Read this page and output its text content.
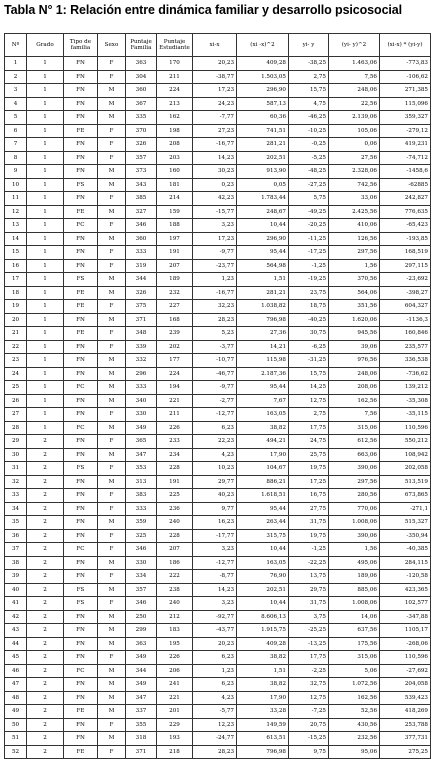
Tabla N° 1: Relación entre dinámica familiar y desarrollo psicosocial
Nº	Grado	Tipo de familia	Sexo	Puntaje Familia	Puntaje Estudiante	xi-x	(xi -x)^2	yi- y	(yi- y)^2	(xi-x) * (yi-y)
1	1	FN	F	363	170	20,23	409,28	-38,25	1.463,06	-773,83
2	1	FN	F	304	211	-38,77	1.503,05	2,75	7,56	-106,62
3	1	FN	M	360	224	17,23	296,90	15,75	248,06	271,385
4	1	FN	M	367	213	24,23	587,13	4,75	22,56	115,096
5	1	FN	M	335	162	-7,77	60,36	-46,25	2.139,06	359,327
6	1	FE	F	370	198	27,23	741,51	-10,25	105,06	-279,12
7	1	FN	F	326	208	-16,77	281,21	-0,25	0,06	419,231
8	1	FN	F	357	203	14,23	202,51	-5,25	27,56	-74,712
9	1	FN	M	373	160	30,23	913,90	-48,25	2.328,06	-1458,6
10	1	FS	M	343	181	0,23	0,05	-27,25	742,56	-62885
11	1	FN	F	385	214	42,23	1.783,44	5,75	33,06	242,827
12	1	FE	M	327	159	-15,77	248,67	-49,25	2.425,56	776,635
13	1	FC	F	346	188	3,23	10,44	-20,25	410,06	-65,423
14	1	FN	M	360	197	17,23	296,90	-11,25	126,56	-193,85
15	1	FN	F	333	191	-9,77	95,44	-17,25	297,56	168,519
16	1	FN	F	319	207	-23,77	564,98	-1,25	1,56	297,115
17	1	FS	M	344	189	1,23	1,51	-19,25	370,56	-23,692
18	1	FE	M	326	232	-16,77	281,21	23,75	564,06	-398,27
19	1	FE	F	375	227	32,23	1.038,82	18,75	351,56	604,327
20	1	FN	M	371	168	28,23	796,98	-40,25	1.620,06	-1136,3
21	1	FE	F	348	239	5,23	27,36	30,75	945,56	160,846
22	1	FN	F	339	202	-3,77	14,21	-6,25	39,06	235,577
23	1	FN	M	332	177	-10,77	115,98	-31,25	976,56	336,538
24	1	FN	M	296	224	-46,77	2.187,36	15,75	248,06	-736,62
25	1	FC	M	333	194	-9,77	95,44	14,25	208,06	139,212
26	1	FN	M	340	221	-2,77	7,67	12,75	162,56	-35,308
27	1	FN	F	330	211	-12,77	163,05	2,75	7,56	-35,115
28	1	FC	M	349	226	6,23	38,82	17,75	315,06	110,596
29	2	FN	F	365	233	22,23	494,21	24,75	612,56	550,212
30	2	FN	M	347	234	4,23	17,90	25,75	663,06	108,942
31	2	FS	F	353	228	10,23	104,67	19,75	390,06	202,058
32	2	FN	M	313	191	29,77	886,21	17,25	297,56	513,519
33	2	FN	F	383	225	40,23	1.618,51	16,75	280,56	673,865
34	2	FN	F	333	236	9,77	95,44	27,75	770,06	-271,1
35	2	FN	M	359	240	16,23	263,44	31,75	1.008,06	515,327
36	2	FN	F	325	228	-17,77	315,75	19,75	390,06	-350,94
37	2	FC	F	346	207	3,23	10,44	-1,25	1,56	-40,385
38	2	FN	M	330	186	-12,77	163,05	-22,25	495,06	284,115
39	2	FN	F	334	222	-8,77	76,90	13,75	189,06	-120,58
40	2	FS	M	357	238	14,23	202,51	29,75	885,06	423,365
41	2	FS	F	346	240	3,23	10,44	31,75	1.008,06	102,577
42	2	FN	M	250	212	-92,77	8.606,13	3,75	14,06	-347,88
43	2	FN	M	299	183	-43,77	1.915,75	-25,25	637,56	1105,17
44	2	FN	M	363	195	20,23	409,28	-13,25	175,56	-268,06
45	2	FN	F	349	226	6,23	38,82	17,75	315,06	110,596
46	2	FC	M	344	206	1,23	1,51	-2,25	5,06	-27,692
47	2	FN	M	349	241	6,23	38,82	32,75	1.072,56	204,058
48	2	FN	M	347	221	4,23	17,90	12,75	162,56	539,423
49	2	FE	M	337	201	-5,77	33,28	-7,25	52,56	418,269
50	2	FN	F	355	229	12,23	149,59	20,75	430,56	253,788
51	2	FN	M	318	193	-24,77	613,51	-15,25	232,56	377,731
52	2	FE	F	371	218	28,23	796,98	9,75	95,06	275,25
